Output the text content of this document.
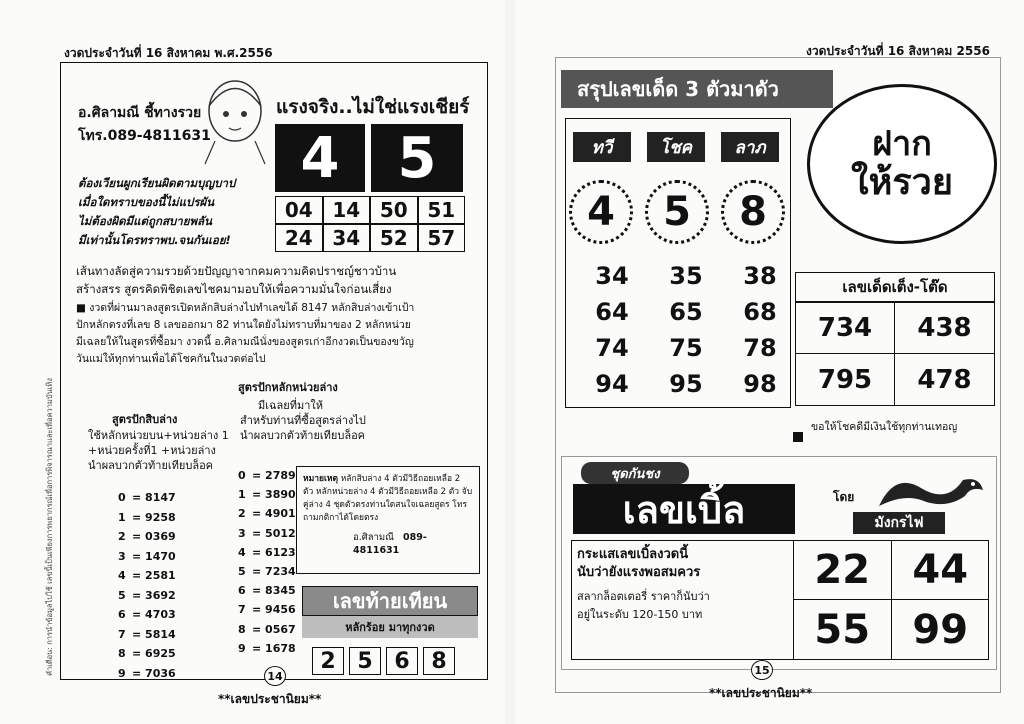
งวดประจำวันที่ 16 สิงหาคม พ.ศ.2556
อ.ศิลามณี ชี้ทางรวย
โทร.089-4811631
แรงจริง..ไม่ใช่แรงเชียร์
4	5
04 14 50 51
24 34 52 57
ต้องเวียนผูกเรียนผิดตามบุญบาป
เมื่อใดทราบของนี้ไม่แปรผัน
ไม่ต้องผิดมีแต่ถูกสบายพลัน
มีเท่านั้นโดรทราพบ.จนกันเอย!
เส้นทางลัดสู่ความรวยด้วยปัญญาจากคมความคิดปราชญ์ชาวบ้าน
สร้างสรร สูตรคิดพิชิตเลขไชคมามอบให้เพื่อความมั่นใจก่อนเสี่ยง
■ งวดที่ผ่านมาลงสูตรเปิดหลักสิบล่างไปทำเลขได้ 8147 หลักสิบล่างเข้าเป้า
ปักหลักตรงที่เลข 8 เลขออกมา 82 ท่านใดยังไม่ทราบที่มาของ 2 หลักหน่วย
มีเฉลยให้ในสูตรที่ซื้อมา งวดนี้ อ.ศิลามณีนั่งของสูตรเก่าอีกงวดเป็นของขวัญ
วันแม่ให้ทุกท่านเพื่อได้โชคกันในงวดต่อไป
สูตรปักหลักหน่วยล่าง
มีเฉลยที่มาให้
สำหรับท่านที่ซื้อสูตรล่างไป
นำผลบวกตัวท้ายเทียบล็อค
สูตรปักสิบล่าง
ใช้หลักหน่วยบน+หน่วยล่าง 1
+หน่วยครั้งที่1 +หน่วยล่าง
นำผลบวกตัวท้ายเทียบล็อค
0 = 8147
1 = 9258
2 = 0369
3 = 1470
4 = 2581
5 = 3692
6 = 4703
7 = 5814
8 = 6925
9 = 7036
0 = 2789
1 = 3890
2 = 4901
3 = 5012
4 = 6123
5 = 7234
6 = 8345
7 = 9456
8 = 0567
9 = 1678
หมายเหตุ หลักสิบล่าง 4 ตัวมีวิธีถอยเหลือ 2 ตัว หลักหน่วยล่าง 4 ตัวมีวิธีถอยเหลือ 2 ตัว จับคู่ล่าง 4 ชุดตัวตรงท่านใดสนใจเฉลยสูตร โทรถามกติกาได้โดยตรง
อ.ศิลามณี 089-4811631
เลขท้ายเทียน
หลักร้อย มาทุกงวด
2 5 6 8
คำเตือน: การนำข้อมูลไปใช้ เลขนี้เป็นเพียงการพยากรณ์เพื่อการพิจารณาและเพื่อความบันเทิง	14
**เลขประชานิยม**
งวดประจำวันที่ 16 สิงหาคม 2556
สรุปเลขเด็ด 3 ตัวมาดัว
ฝาก
ให้รวย
ทวี	โชค	ลาภ
4	5	8
34	35	38
64	65	68
74	75	78
94	95	98
เลขเด็ดเต็ง-โต๊ด
734	438
795	478
ขอให้โชคดีมีเงินใช้ทุกท่านเทอญ
ชุดกันชง
เลขเบิ้ล	โดย
มังกรไฟ
กระแสเลขเบิ้ลงวดนี้
นับว่ายังแรงพอสมควร
สลากล็อตเตอรี่ ราคาก็นับว่า
อยู่ในระดับ 120-150 บาท
22	44
55	99
15
**เลขประชานิยม**
